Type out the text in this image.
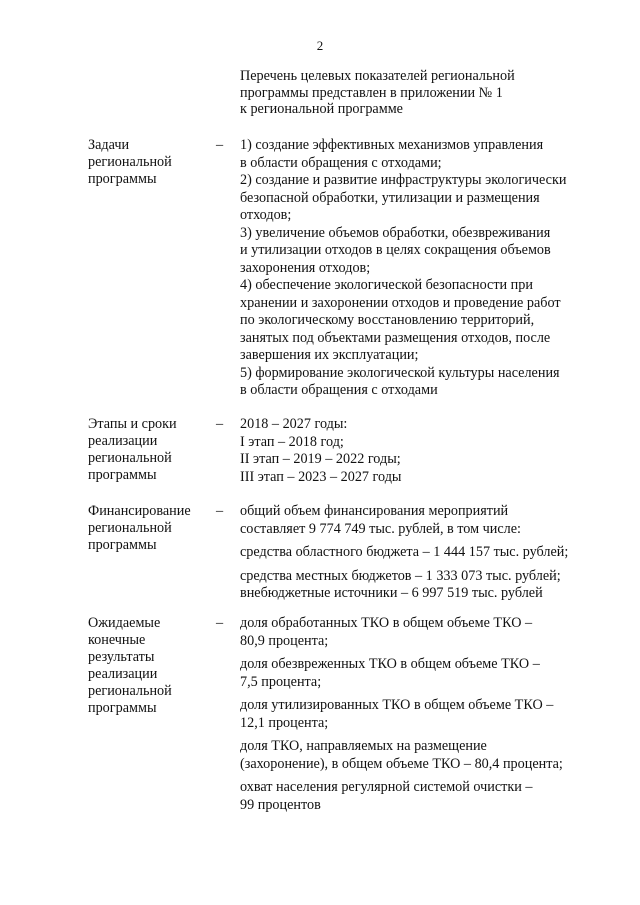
2
Перечень целевых показателей региональной
программы представлен в приложении № 1
к региональной программе
Задачи
региональной
программы
– 1) создание эффективных механизмов управления
в области обращения с отходами;
2) создание и развитие инфраструктуры экологически
безопасной обработки, утилизации и размещения
отходов;
3) увеличение объемов обработки, обезвреживания
и утилизации отходов в целях сокращения объемов
захоронения отходов;
4) обеспечение экологической безопасности при
хранении и захоронении отходов и проведение работ
по экологическому восстановлению территорий,
занятых под объектами размещения отходов, после
завершения их эксплуатации;
5) формирование экологической культуры населения
в области обращения с отходами
Этапы и сроки
реализации
региональной
программы
– 2018 – 2027 годы:
I этап – 2018 год;
II этап – 2019 – 2022 годы;
III этап – 2023 – 2027 годы
Финансирование
региональной
программы
– общий объем финансирования мероприятий
составляет 9 774 749 тыс. рублей, в том числе:
средства областного бюджета – 1 444 157 тыс. рублей;
средства местных бюджетов – 1 333 073 тыс. рублей;
внебюджетные источники – 6 997 519 тыс. рублей
Ожидаемые
конечные
результаты
реализации
региональной
программы
– доля обработанных ТКО в общем объеме ТКО –
80,9 процента;
доля обезвреженных ТКО в общем объеме ТКО –
7,5 процента;
доля утилизированных ТКО в общем объеме ТКО –
12,1 процента;
доля ТКО, направляемых на размещение
(захоронение), в общем объеме ТКО – 80,4 процента;
охват населения регулярной системой очистки –
99 процентов
